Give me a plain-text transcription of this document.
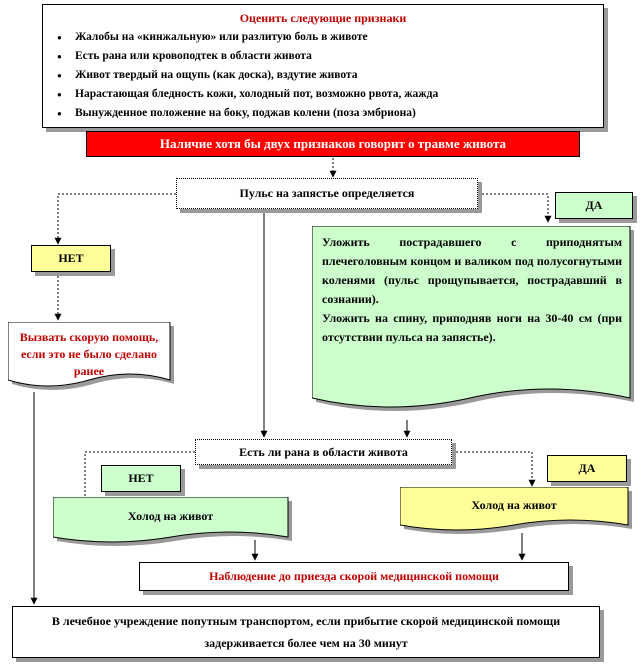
Оценить следующие признаки
● Жалобы на «кинжальную» или разлитую боль в животе
● Есть рана или кровоподтек в области живота
● Живот твердый на ощупь (как доска), вздутие живота
● Нарастающая бледность кожи, холодный пот, возможно рвота, жажда
● Вынужденное положение на боку, поджав колени (поза эмбриона)
Наличие хотя бы двух признаков говорит о травме живота
Пульс на запястье определяется
ДА
НЕТ
Вызвать скорую помощь, если это не было сделано ранее
Уложить пострадавшего с приподнятым плечеголовным концом и валиком под полусогнутыми коленями (пульс прощупывается, пострадавший в сознании).
Уложить на спину, приподняв ноги на 30-40 см (при отсутствии пульса на запястье).
Есть ли рана в области живота
НЕТ
ДА
Холод на живот
Холод на живот
Наблюдение до приезда скорой медицинской помощи
В лечебное учреждение попутным транспортом, если прибытие скорой медицинской помощи задерживается более чем на 30 минут
